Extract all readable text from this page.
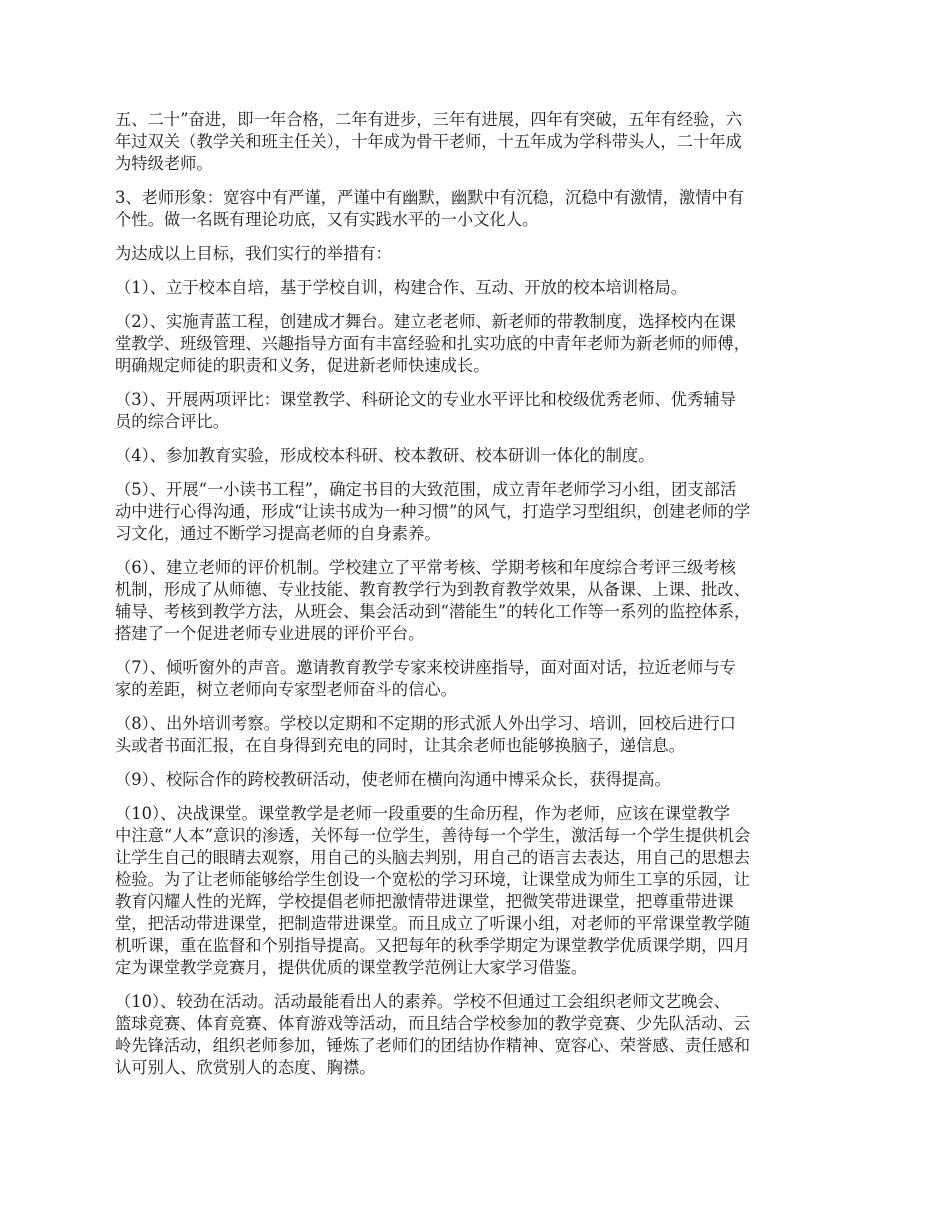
五、二十”奋进，即一年合格，二年有进步，三年有进展，四年有突破，五年有经验，六
年过双关（教学关和班主任关），十年成为骨干老师，十五年成为学科带头人，二十年成
为特级老师。

3、老师形象：宽容中有严谨，严谨中有幽默，幽默中有沉稳，沉稳中有激情，激情中有
个性。做一名既有理论功底，又有实践水平的一小文化人。

为达成以上目标，我们实行的举措有：

（1）、立于校本自培，基于学校自训，构建合作、互动、开放的校本培训格局。

（2）、实施青蓝工程，创建成才舞台。建立老老师、新老师的带教制度，选择校内在课
堂教学、班级管理、兴趣指导方面有丰富经验和扎实功底的中青年老师为新老师的师傅，
明确规定师徒的职责和义务，促进新老师快速成长。

（3）、开展两项评比：课堂教学、科研论文的专业水平评比和校级优秀老师、优秀辅导
员的综合评比。

（4）、参加教育实验，形成校本科研、校本教研、校本研训一体化的制度。

（5）、开展“一小读书工程”，确定书目的大致范围，成立青年老师学习小组，团支部活
动中进行心得沟通，形成“让读书成为一种习惯”的风气，打造学习型组织，创建老师的学
习文化，通过不断学习提高老师的自身素养。

（6）、建立老师的评价机制。学校建立了平常考核、学期考核和年度综合考评三级考核
机制，形成了从师德、专业技能、教育教学行为到教育教学效果，从备课、上课、批改、
辅导、考核到教学方法，从班会、集会活动到“潜能生”的转化工作等一系列的监控体系，
搭建了一个促进老师专业进展的评价平台。

（7）、倾听窗外的声音。邀请教育教学专家来校讲座指导，面对面对话，拉近老师与专
家的差距，树立老师向专家型老师奋斗的信心。

（8）、出外培训考察。学校以定期和不定期的形式派人外出学习、培训，回校后进行口
头或者书面汇报，在自身得到充电的同时，让其余老师也能够换脑子，递信息。

（9）、校际合作的跨校教研活动，使老师在横向沟通中博采众长，获得提高。

（10）、决战课堂。课堂教学是老师一段重要的生命历程，作为老师，应该在课堂教学
中注意“人本”意识的渗透，关怀每一位学生，善待每一个学生，激活每一个学生提供机会
让学生自己的眼睛去观察，用自己的头脑去判别，用自己的语言去表达，用自己的思想去
检验。为了让老师能够给学生创设一个宽松的学习环境，让课堂成为师生工享的乐园，让
教育闪耀人性的光辉，学校提倡老师把激情带进课堂，把微笑带进课堂，把尊重带进课
堂，把活动带进课堂，把制造带进课堂。而且成立了听课小组，对老师的平常课堂教学随
机听课，重在监督和个别指导提高。又把每年的秋季学期定为课堂教学优质课学期，四月
定为课堂教学竞赛月，提供优质的课堂教学范例让大家学习借鉴。

（10）、较劲在活动。活动最能看出人的素养。学校不但通过工会组织老师文艺晚会、
篮球竞赛、体育竞赛、体育游戏等活动，而且结合学校参加的教学竞赛、少先队活动、云
岭先锋活动，组织老师参加，锤炼了老师们的团结协作精神、宽容心、荣誉感、责任感和
认可别人、欣赏别人的态度、胸襟。
